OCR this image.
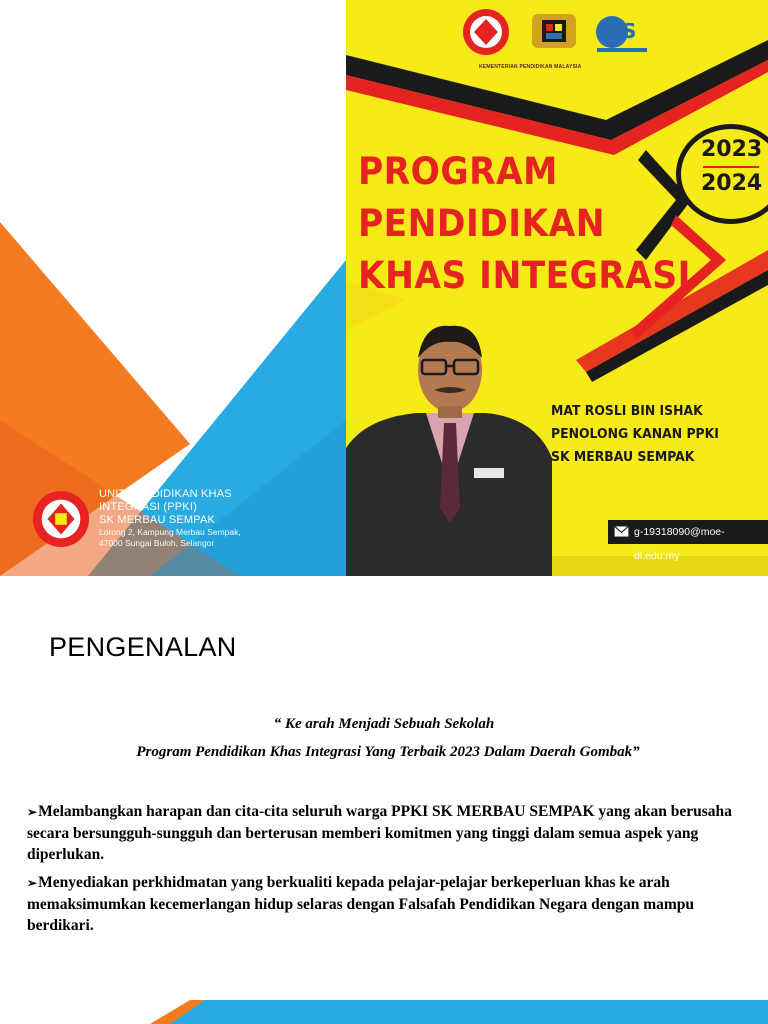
UNIT PENDIDIKAN KHAS
INTEGRASI (PPKI)
SK MERBAU SEMPAK
Lorong 2, Kampung Merbau Sempak,
47000 Sungai Buloh, Selangor
S
KEMENTERIAN PENDIDIKAN MALAYSIA
PROGRAM
PENDIDIKAN
KHAS INTEGRASI
2023
2024
MAT ROSLI BIN ISHAK
PENOLONG KANAN PPKI
SK MERBAU SEMPAK
g-19318090@moe-dl.edu.my
PENGENALAN
“ Ke arah Menjadi Sebuah Sekolah
Program Pendidikan Khas Integrasi Yang Terbaik 2023 Dalam Daerah Gombak”
➢Melambangkan harapan dan cita-cita seluruh warga PPKI SK MERBAU SEMPAK yang akan berusaha secara bersungguh-sungguh dan berterusan memberi komitmen yang tinggi dalam semua aspek yang diperlukan.
➢Menyediakan perkhidmatan yang berkualiti kepada pelajar-pelajar berkeperluan khas ke arah memaksimumkan kecemerlangan hidup selaras dengan Falsafah Pendidikan Negara dengan mampu berdikari.
